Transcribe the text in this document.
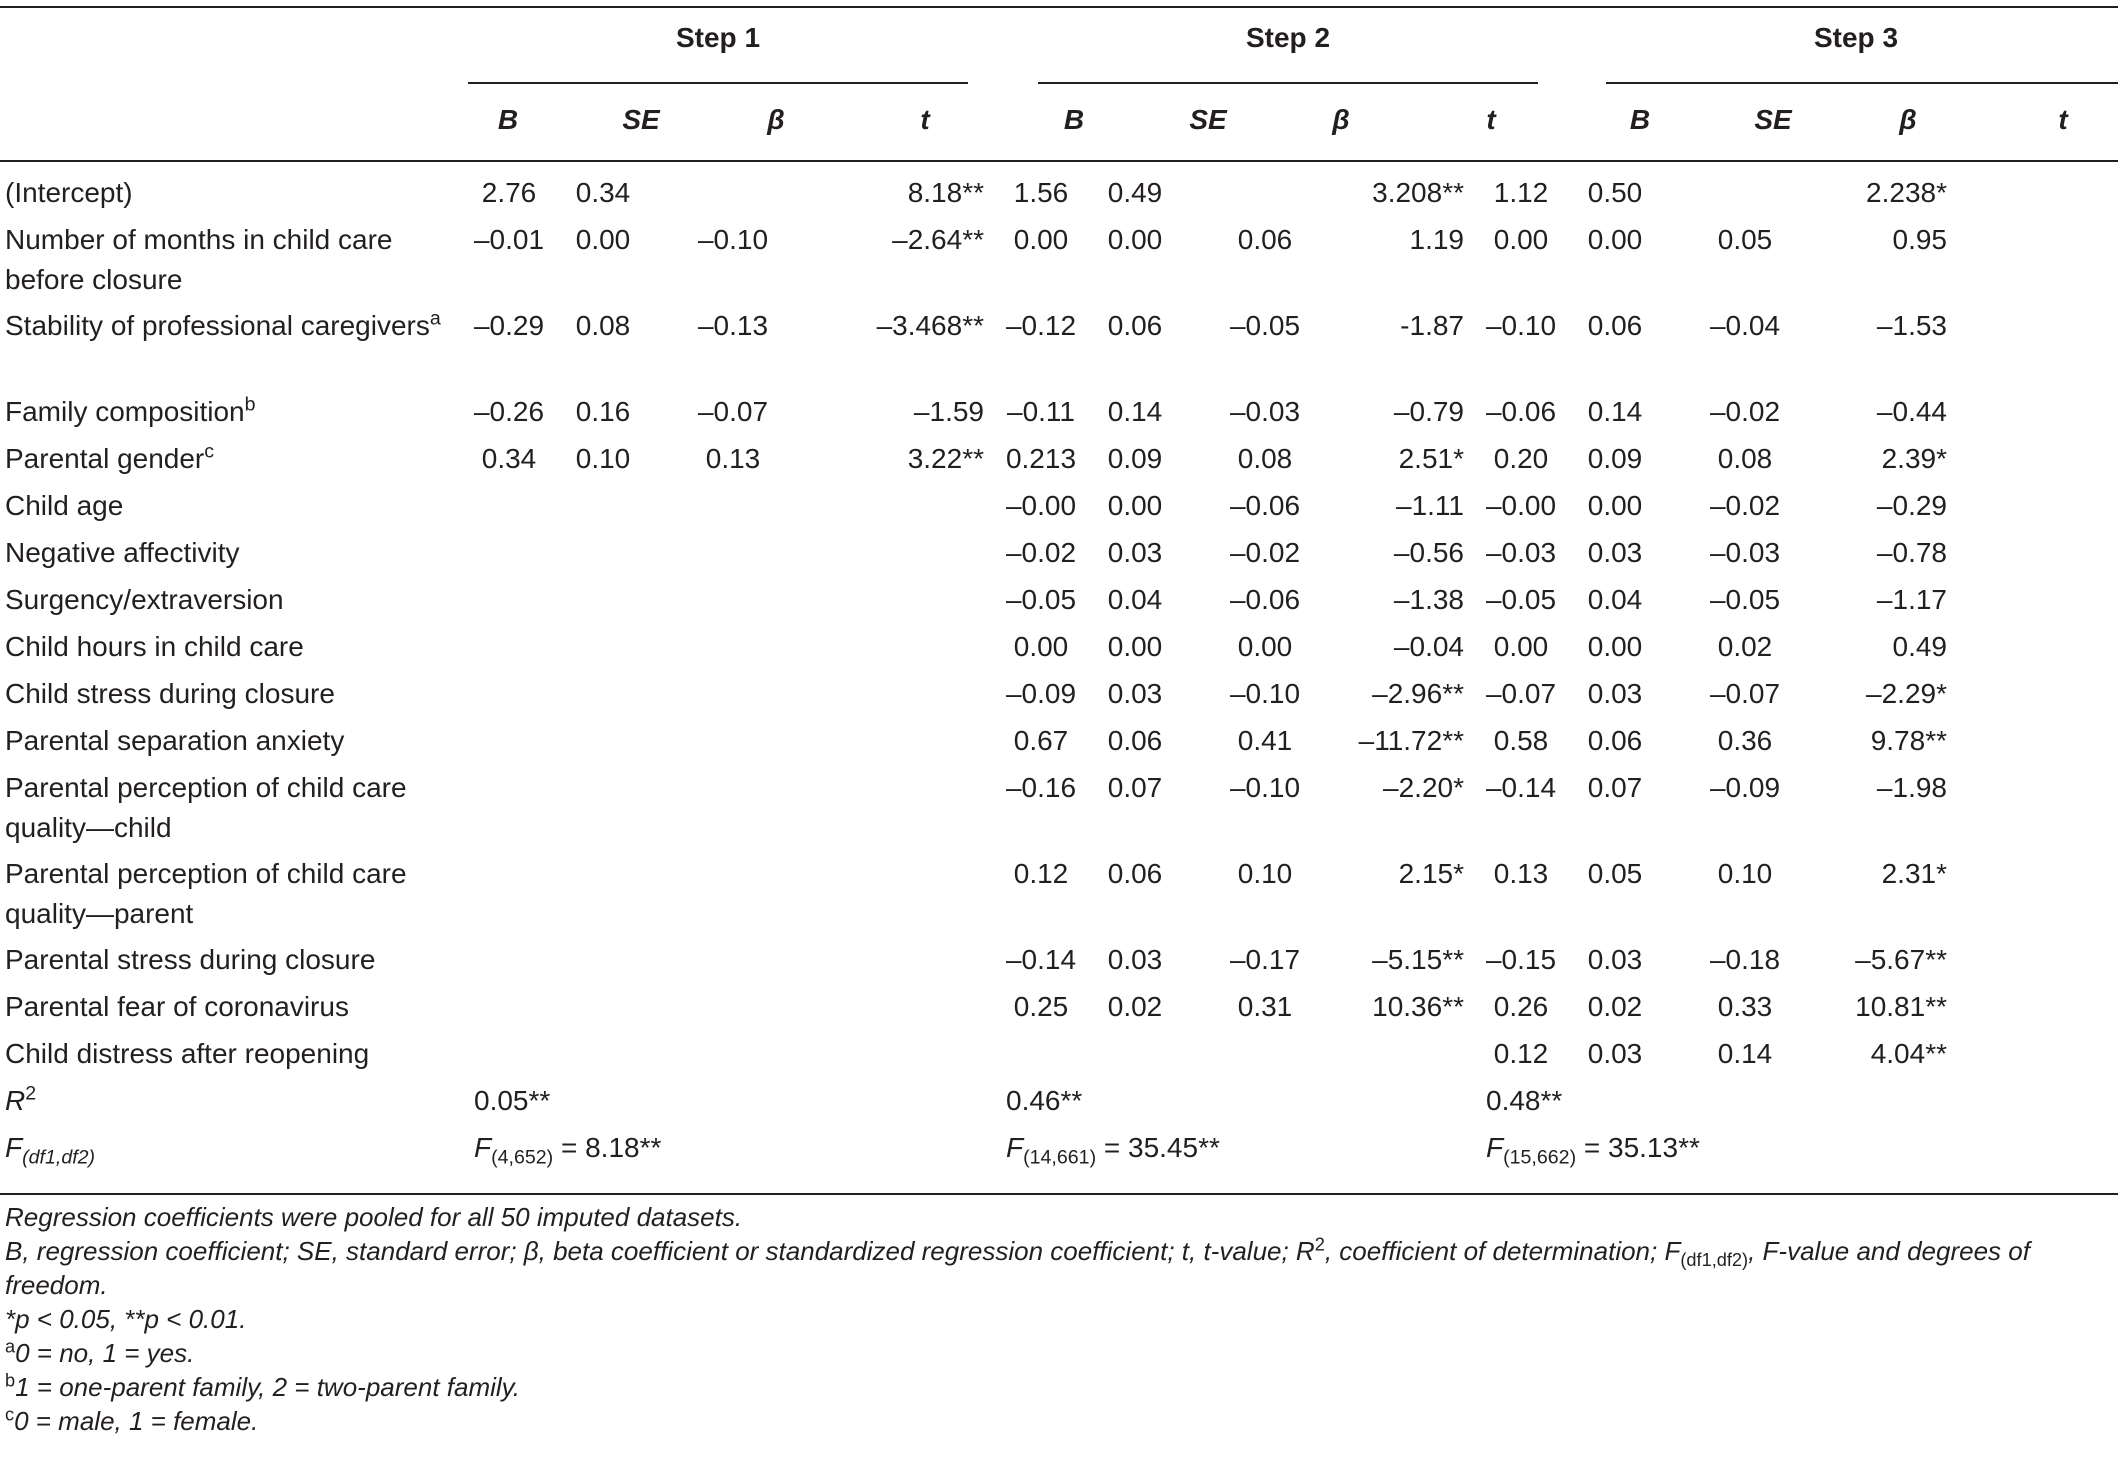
Step 1	Step 2	Step 3
B	SE	β	t	B	SE	β	t	B	SE	β	t
(Intercept)	2.76	0.34		8.18**	1.56	0.49		3.208**	1.12	0.50		2.238*
Number of months in child care before closure	–0.01	0.00	–0.10	–2.64**	0.00	0.00	0.06	1.19	0.00	0.00	0.05	0.95
Stability of professional caregivers$^a$	–0.29	0.08	–0.13	–3.468**	–0.12	0.06	–0.05	-1.87	–0.10	0.06	–0.04	–1.53
Family composition$^b$	–0.26	0.16	–0.07	–1.59	–0.11	0.14	–0.03	–0.79	–0.06	0.14	–0.02	–0.44
Parental gender$^c$	0.34	0.10	0.13	3.22**	0.213	0.09	0.08	2.51*	0.20	0.09	0.08	2.39*
Child age					–0.00	0.00	–0.06	–1.11	–0.00	0.00	–0.02	–0.29
Negative affectivity					–0.02	0.03	–0.02	–0.56	–0.03	0.03	–0.03	–0.78
Surgency/extraversion					–0.05	0.04	–0.06	–1.38	–0.05	0.04	–0.05	–1.17
Child hours in child care					0.00	0.00	0.00	–0.04	0.00	0.00	0.02	0.49
Child stress during closure					–0.09	0.03	–0.10	–2.96**	–0.07	0.03	–0.07	–2.29*
Parental separation anxiety					0.67	0.06	0.41	–11.72**	0.58	0.06	0.36	9.78**
Parental perception of child care quality—child					–0.16	0.07	–0.10	–2.20*	–0.14	0.07	–0.09	–1.98
Parental perception of child care quality—parent					0.12	0.06	0.10	2.15*	0.13	0.05	0.10	2.31*
Parental stress during closure					–0.14	0.03	–0.17	–5.15**	–0.15	0.03	–0.18	–5.67**
Parental fear of coronavirus					0.25	0.02	0.31	10.36**	0.26	0.02	0.33	10.81**
Child distress after reopening									0.12	0.03	0.14	4.04**
$R^2$	0.05**				0.46**				0.48**			
$F_{(df1,df2)}$	$F_{(4,652)} = 8.18**$				$F_{(14,661)} = 35.45**$				$F_{(15,662)} = 35.13**$			

Regression coefficients were pooled for all 50 imputed datasets.

B, regression coefficient; SE, standard error; β, beta coefficient or standardized regression coefficient; t, t-value; $R^2$, coefficient of determination; $F_{(df1,df2)}$, F-value and degrees of freedom.

*p < 0.05, **p < 0.01.

$^a$0 = no, 1 = yes.

$^b$1 = one-parent family, 2 = two-parent family.

$^c$0 = male, 1 = female.
